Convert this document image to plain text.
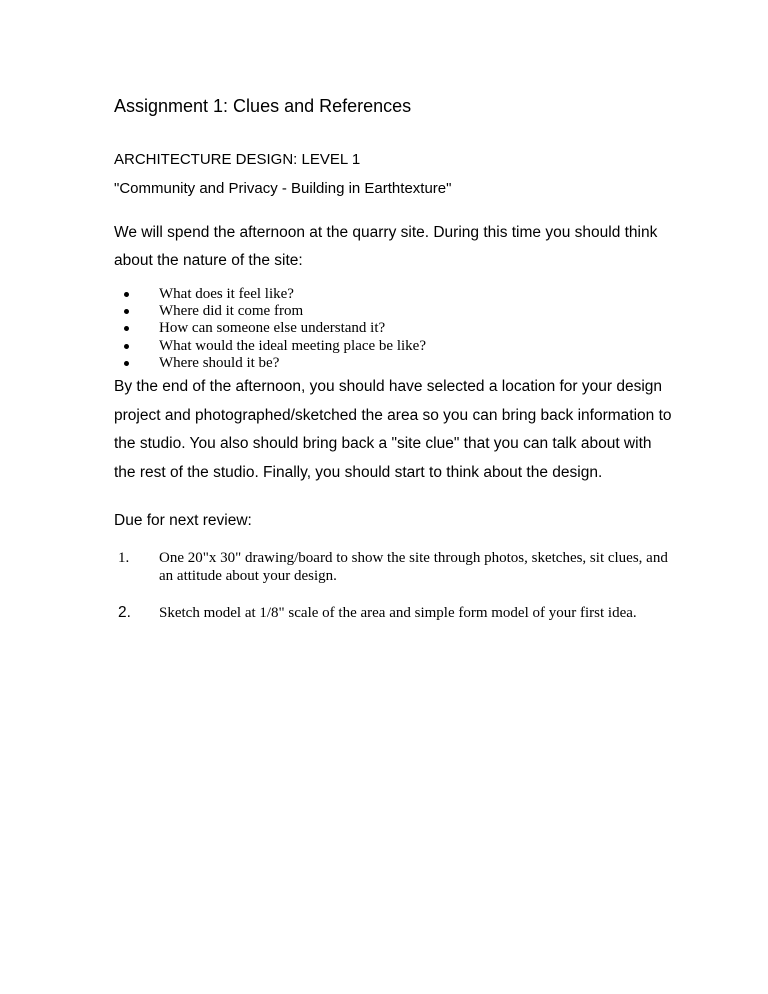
Assignment 1: Clues and References

ARCHITECTURE DESIGN: LEVEL 1

"Community and Privacy - Building in Earthtexture"

We will spend the afternoon at the quarry site. During this time you should think about the nature of the site:

What does it feel like?
Where did it come from
How can someone else understand it?
What would the ideal meeting place be like?
Where should it be?

By the end of the afternoon, you should have selected a location for your design project and photographed/sketched the area so you can bring back information to the studio. You also should bring back a "site clue" that you can talk about with the rest of the studio. Finally, you should start to think about the design.

Due for next review:

1. One 20"x 30" drawing/board to show the site through photos, sketches, sit clues, and an attitude about your design.
2. Sketch model at 1/8" scale of the area and simple form model of your first idea.
